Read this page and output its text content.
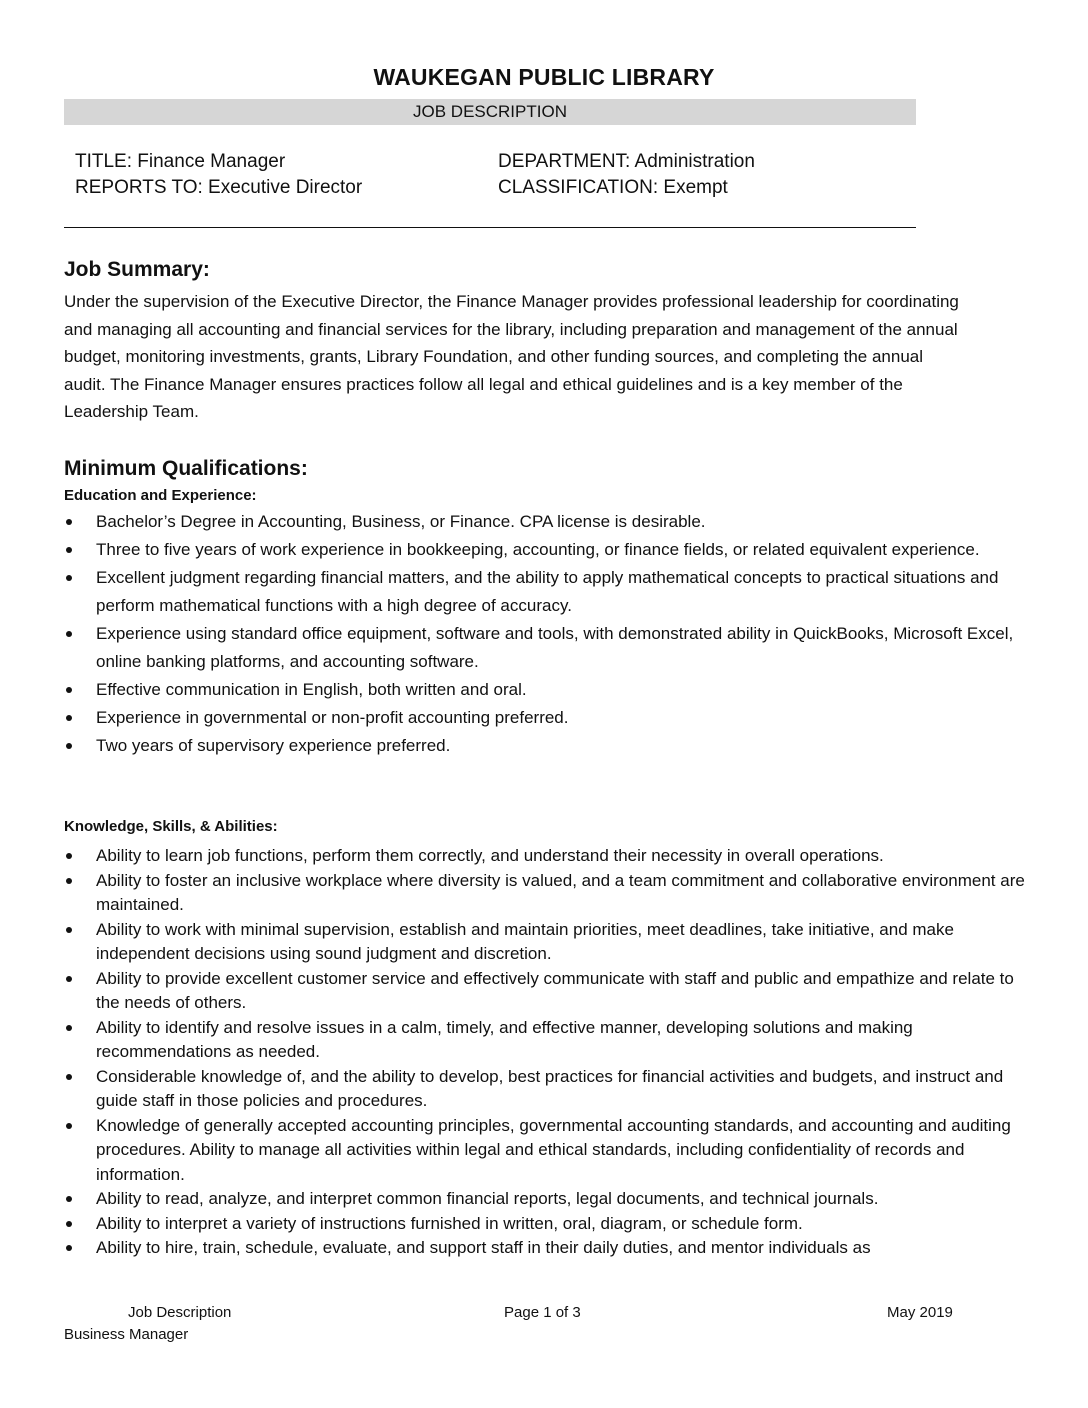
WAUKEGAN PUBLIC LIBRARY
JOB DESCRIPTION
TITLE: Finance Manager
REPORTS TO: Executive Director
DEPARTMENT: Administration
CLASSIFICATION: Exempt
Job Summary:
Under the supervision of the Executive Director, the Finance Manager provides professional leadership for coordinating
and managing all accounting and financial services for the library, including preparation and management of the annual
budget, monitoring investments, grants, Library Foundation, and other funding sources, and completing the annual
audit. The Finance Manager ensures practices follow all legal and ethical guidelines and is a key member of the
Leadership Team.
Minimum Qualifications:
Education and Experience:
Bachelor’s Degree in Accounting, Business, or Finance. CPA license is desirable.
Three to five years of work experience in bookkeeping, accounting, or finance fields, or related equivalent experience.
Excellent judgment regarding financial matters, and the ability to apply mathematical concepts to practical situations and perform mathematical functions with a high degree of accuracy.
Experience using standard office equipment, software and tools, with demonstrated ability in QuickBooks, Microsoft Excel, online banking platforms, and accounting software.
Effective communication in English, both written and oral.
Experience in governmental or non-profit accounting preferred.
Two years of supervisory experience preferred.
Knowledge, Skills, & Abilities:
Ability to learn job functions, perform them correctly, and understand their necessity in overall operations.
Ability to foster an inclusive workplace where diversity is valued, and a team commitment and collaborative environment are maintained.
Ability to work with minimal supervision, establish and maintain priorities, meet deadlines, take initiative, and make independent decisions using sound judgment and discretion.
Ability to provide excellent customer service and effectively communicate with staff and public and empathize and relate to the needs of others.
Ability to identify and resolve issues in a calm, timely, and effective manner, developing solutions and making recommendations as needed.
Considerable knowledge of, and the ability to develop, best practices for financial activities and budgets, and instruct and guide staff in those policies and procedures.
Knowledge of generally accepted accounting principles, governmental accounting standards, and accounting and auditing procedures. Ability to manage all activities within legal and ethical standards, including confidentiality of records and information.
Ability to read, analyze, and interpret common financial reports, legal documents, and technical journals.
Ability to interpret a variety of instructions furnished in written, oral, diagram, or schedule form.
Ability to hire, train, schedule, evaluate, and support staff in their daily duties, and mentor individuals as
Job Description
Business Manager
Page 1 of 3	May 2019
